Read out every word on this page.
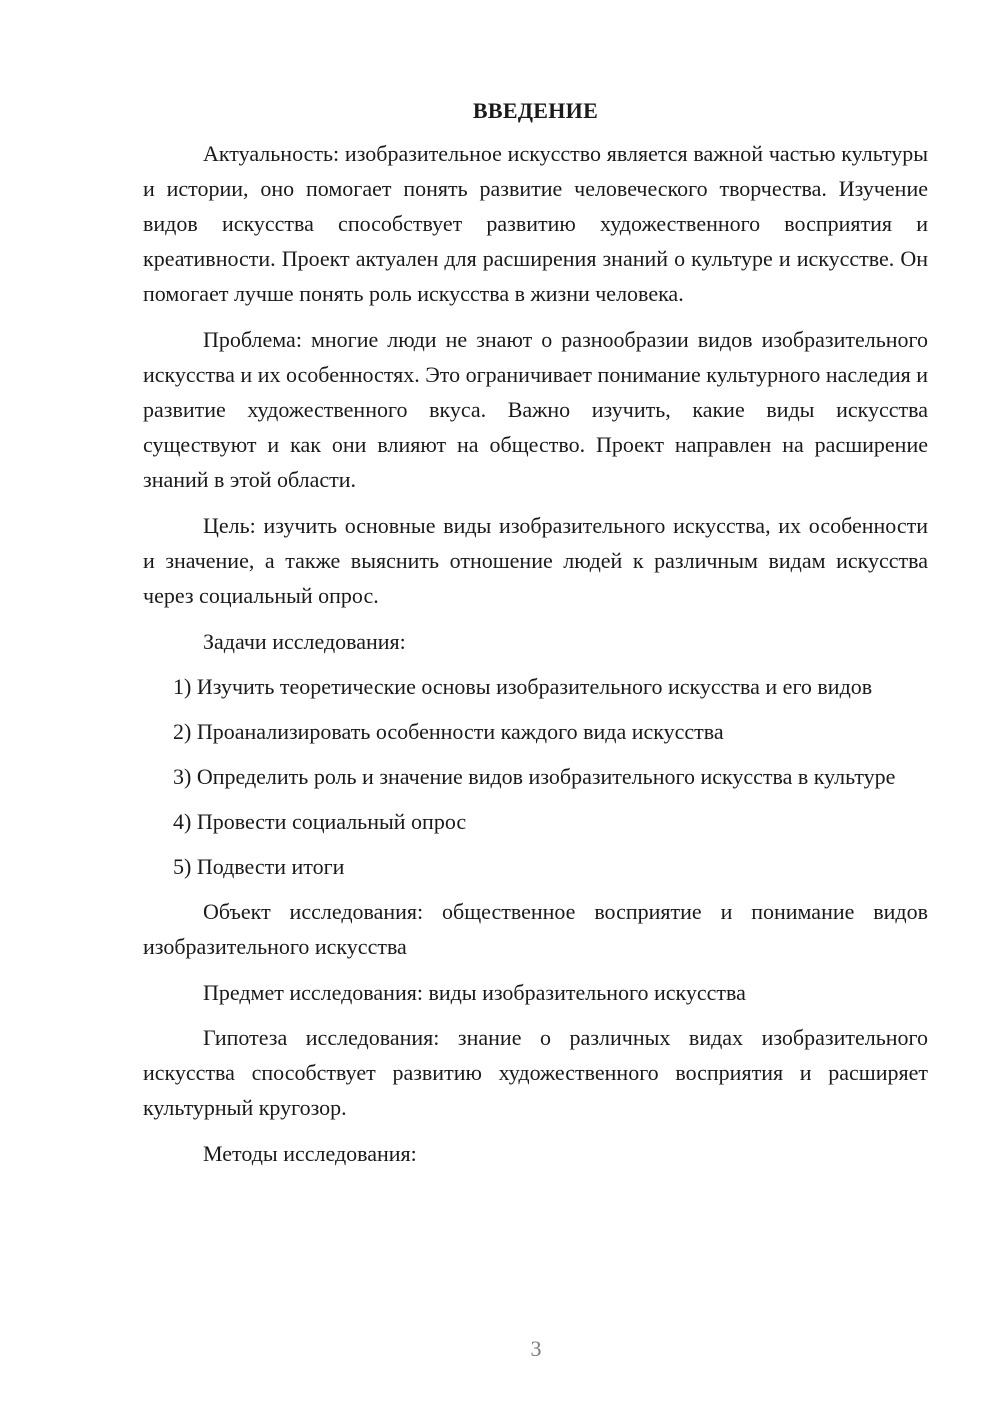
ВВЕДЕНИЕ

Актуальность: изобразительное искусство является важной частью культуры и истории, оно помогает понять развитие человеческого творчества. Изучение видов искусства способствует развитию художественного восприятия и креативности. Проект актуален для расширения знаний о культуре и искусстве. Он помогает лучше понять роль искусства в жизни человека.

Проблема: многие люди не знают о разнообразии видов изобразительного искусства и их особенностях. Это ограничивает понимание культурного наследия и развитие художественного вкуса. Важно изучить, какие виды искусства существуют и как они влияют на общество. Проект направлен на расширение знаний в этой области.

Цель: изучить основные виды изобразительного искусства, их особенности и значение, а также выяснить отношение людей к различным видам искусства через социальный опрос.

Задачи исследования:

1) Изучить теоретические основы изобразительного искусства и его видов

2) Проанализировать особенности каждого вида искусства

3) Определить роль и значение видов изобразительного искусства в культуре

4) Провести социальный опрос

5) Подвести итоги

Объект исследования: общественное восприятие и понимание видов изобразительного искусства

Предмет исследования: виды изобразительного искусства

Гипотеза исследования: знание о различных видах изобразительного искусства способствует развитию художественного восприятия и расширяет культурный кругозор.

Методы исследования:

3
